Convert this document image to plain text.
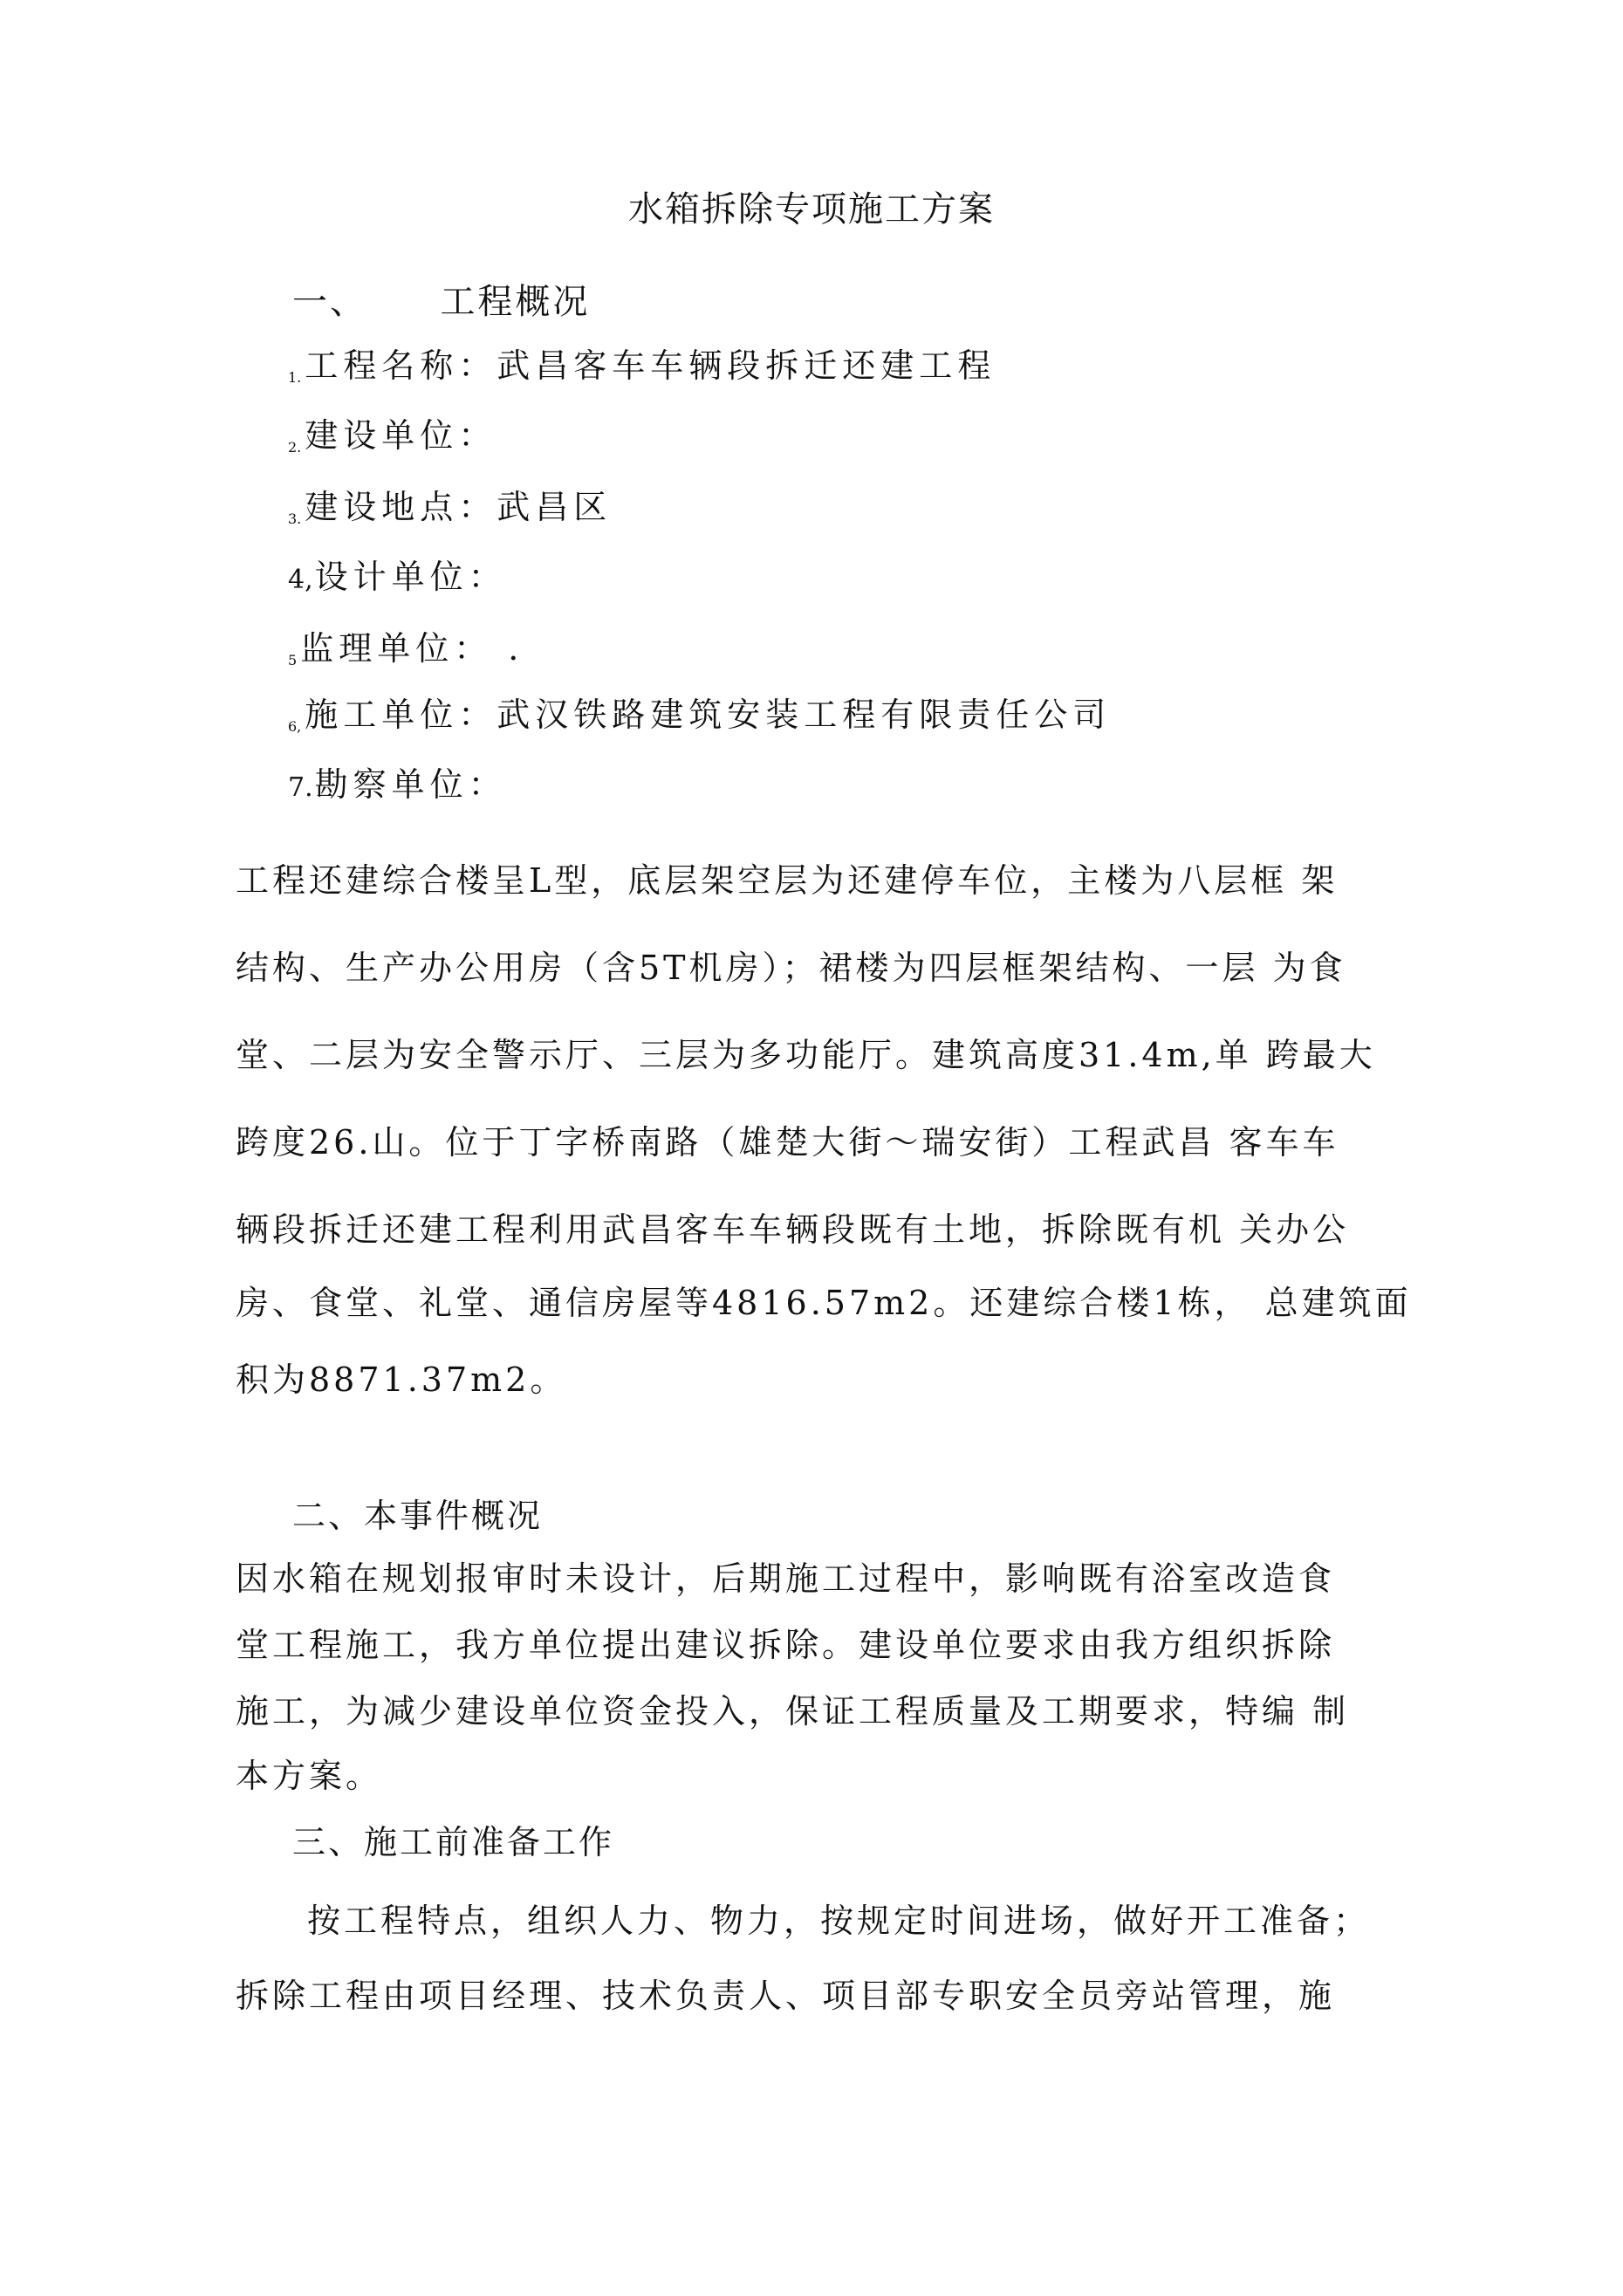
水箱拆除专项施工方案
一、 工程概况
1. 工程名称：武昌客车车辆段拆迁还建工程
2. 建设单位：
3. 建设地点：武昌区
4,设计单位：
5 监理单位： .
6, 施工单位：武汉铁路建筑安装工程有限责任公司
7.勘察单位：
工程还建综合楼呈L型，底层架空层为还建停车位，主楼为八层框 架
结构、生产办公用房（含5T机房）；裙楼为四层框架结构、一层 为食
堂、二层为安全警示厅、三层为多功能厅。建筑高度31.4m,单 跨最大
跨度26.山。位于丁字桥南路（雄楚大街〜瑞安街）工程武昌 客车车
辆段拆迁还建工程利用武昌客车车辆段既有土地，拆除既有机 关办公
房、食堂、礼堂、通信房屋等4816.57m2。还建综合楼1栋， 总建筑面
积为8871.37m2。
二、本事件概况
因水箱在规划报审时未设计，后期施工过程中，影响既有浴室改造食
堂工程施工，我方单位提出建议拆除。建设单位要求由我方组织拆除
施工，为减少建设单位资金投入，保证工程质量及工期要求，特编 制
本方案。
三、施工前准备工作
按工程特点，组织人力、物力，按规定时间进场，做好开工准备；
拆除工程由项目经理、技术负责人、项目部专职安全员旁站管理，施
